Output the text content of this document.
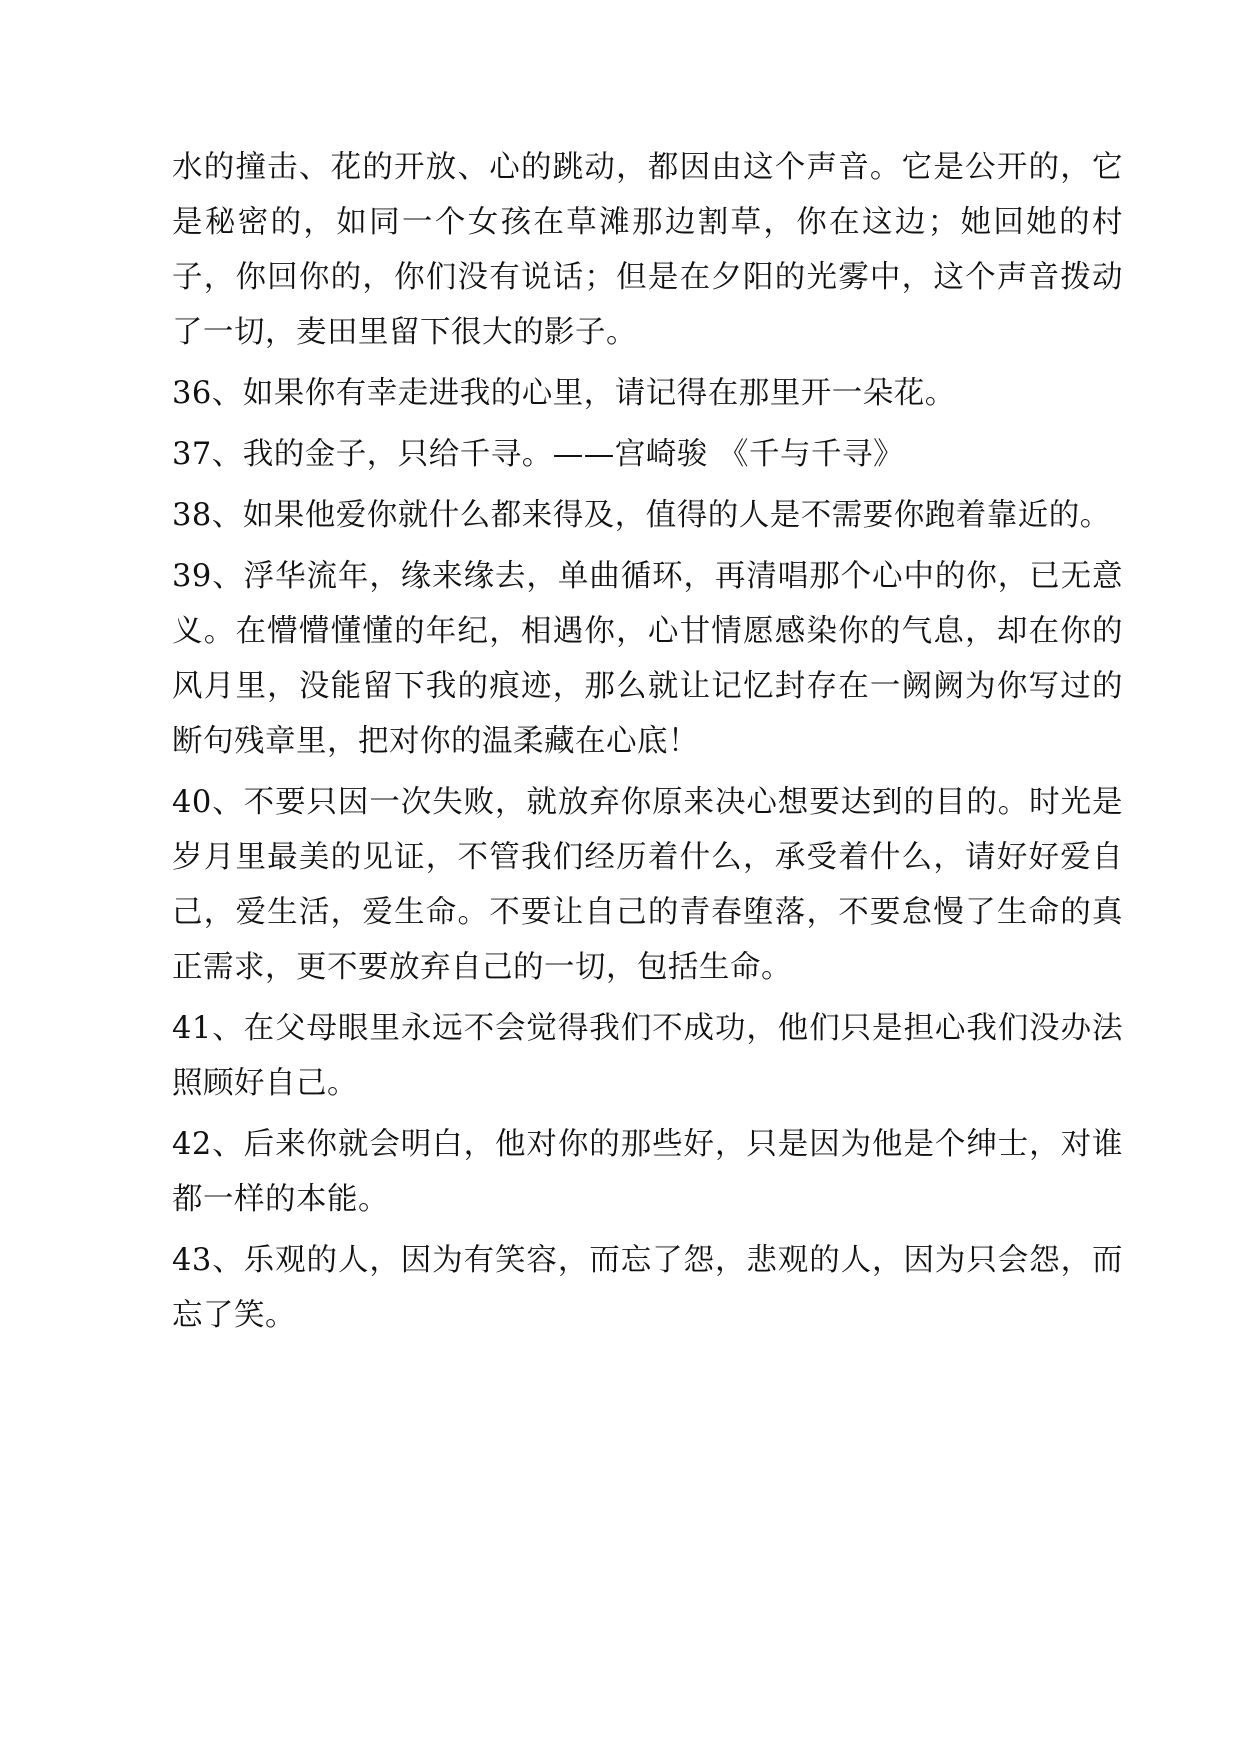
水的撞击、花的开放、心的跳动，都因由这个声音。它是公开的，它是秘密的，如同一个女孩在草滩那边割草，你在这边；她回她的村子，你回你的，你们没有说话；但是在夕阳的光雾中，这个声音拨动了一切，麦田里留下很大的影子。

36、如果你有幸走进我的心里，请记得在那里开一朵花。

37、我的金子，只给千寻。——宫崎骏 《千与千寻》

38、如果他爱你就什么都来得及，值得的人是不需要你跑着靠近的。

39、浮华流年，缘来缘去，单曲循环，再清唱那个心中的你，已无意义。在懵懵懂懂的年纪，相遇你，心甘情愿感染你的气息，却在你的风月里，没能留下我的痕迹，那么就让记忆封存在一阙阙为你写过的断句残章里，把对你的温柔藏在心底！

40、不要只因一次失败，就放弃你原来决心想要达到的目的。时光是岁月里最美的见证，不管我们经历着什么，承受着什么，请好好爱自己，爱生活，爱生命。不要让自己的青春堕落，不要怠慢了生命的真正需求，更不要放弃自己的一切，包括生命。

41、在父母眼里永远不会觉得我们不成功，他们只是担心我们没办法照顾好自己。

42、后来你就会明白，他对你的那些好，只是因为他是个绅士，对谁都一样的本能。

43、乐观的人，因为有笑容，而忘了怨，悲观的人，因为只会怨，而忘了笑。
